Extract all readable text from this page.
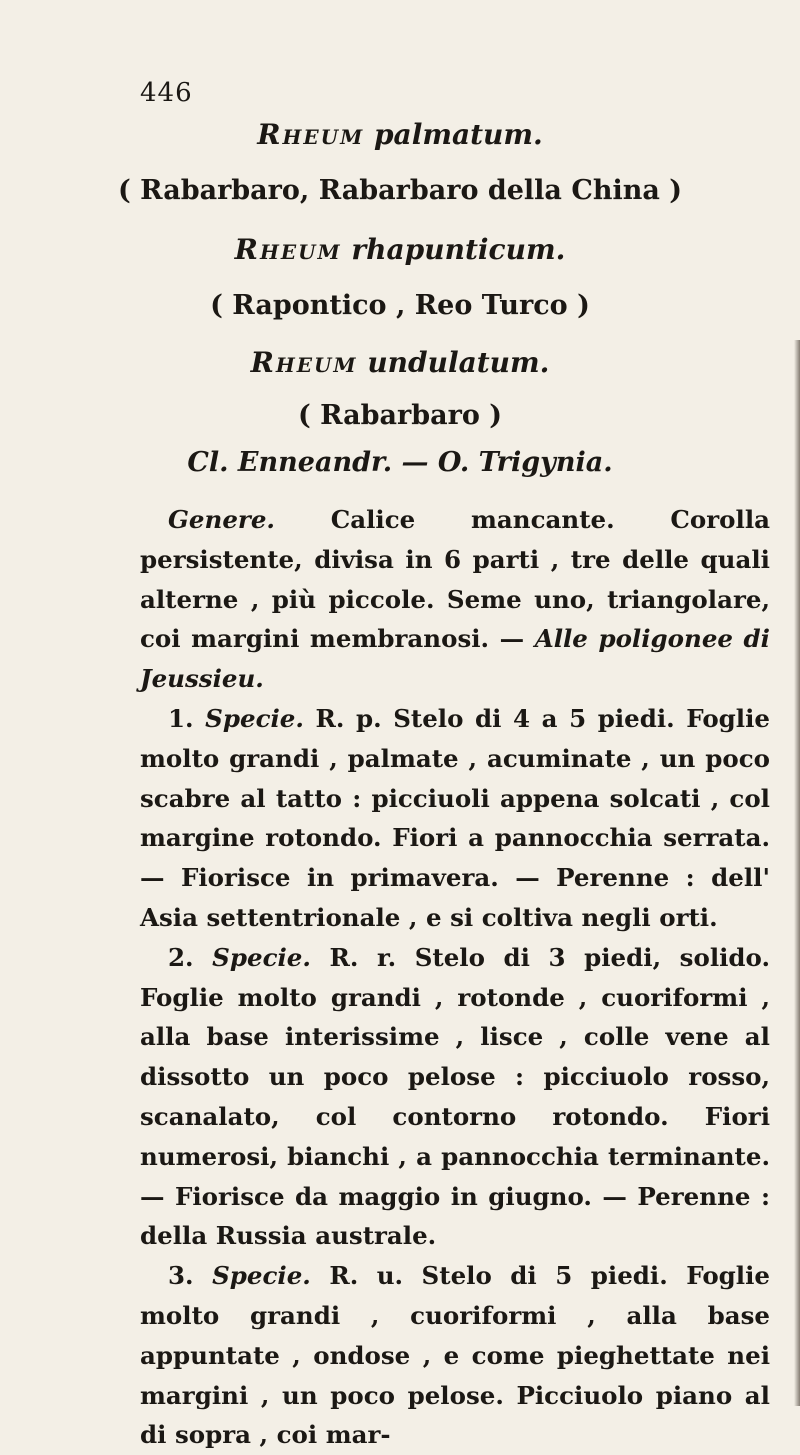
446
Rheum palmatum.
( Rabarbaro, Rabarbaro della China )
Rheum rhapunticum.
( Rapontico , Reo Turco )
Rheum undulatum.
( Rabarbaro )
Cl. Enneandr. — O. Trigynia.

Genere. Calice mancante. Corolla persistente, divisa in 6 parti , tre delle quali alterne , più piccole. Seme uno, triangolare, coi margini membranosi. — Alle poligonee di Jeussieu.

1. Specie. R. p. Stelo di 4 a 5 piedi. Foglie molto grandi , palmate , acuminate , un poco scabre al tatto : picciuoli appena solcati , col margine rotondo. Fiori a pannocchia serrata. — Fiorisce in primavera. — Perenne : dell' Asia settentrionale , e si coltiva negli orti.

2. Specie. R. r. Stelo di 3 piedi, solido. Foglie molto grandi , rotonde , cuoriformi , alla base interissime , lisce , colle vene al dissotto un poco pelose : picciuolo rosso, scanalato, col contorno rotondo. Fiori numerosi, bianchi , a pannocchia terminante. — Fiorisce da maggio in giugno. — Perenne : della Russia australe.

3. Specie. R. u. Stelo di 5 piedi. Foglie molto grandi , cuoriformi , alla base appuntate , ondose , e come pieghettate nei margini , un poco pelose. Picciuolo piano al di sopra , coi mar-
